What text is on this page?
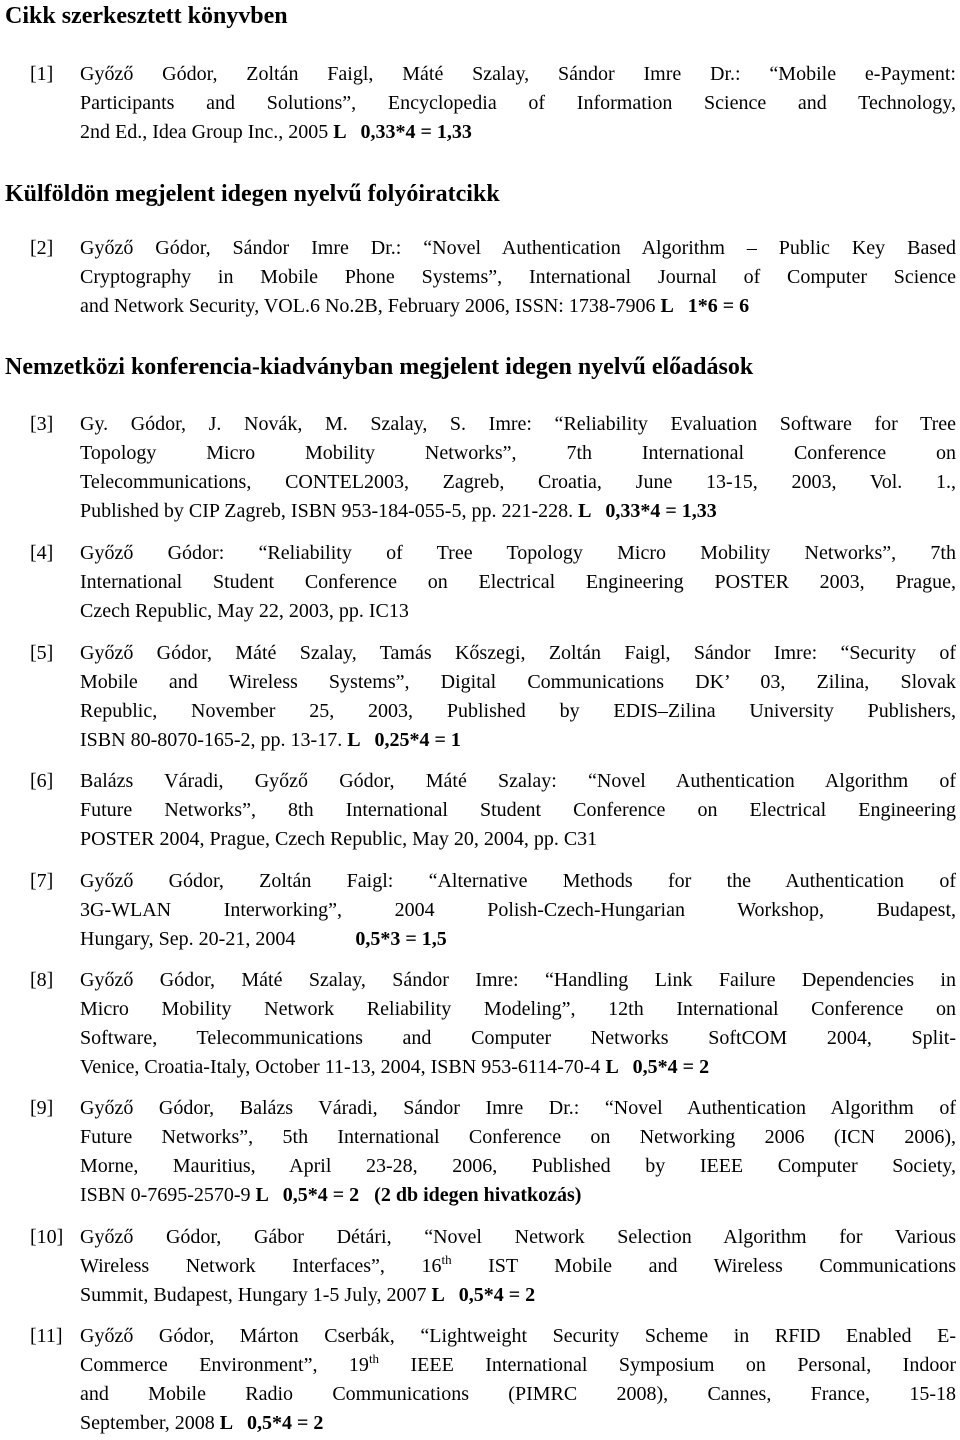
Cikk szerkesztett könyvben
[1] Győző Gódor, Zoltán Faigl, Máté Szalay, Sándor Imre Dr.: “Mobile e-Payment:
Participants and Solutions”, Encyclopedia of Information Science and Technology,
2nd Ed., Idea Group Inc., 2005 L   0,33*4 = 1,33
Külföldön megjelent idegen nyelvű folyóiratcikk
[2] Győző Gódor, Sándor Imre Dr.: “Novel Authentication Algorithm – Public Key Based
Cryptography in Mobile Phone Systems”, International Journal of Computer Science
and Network Security, VOL.6 No.2B, February 2006, ISSN: 1738-7906 L   1*6 = 6
Nemzetközi konferencia-kiadványban megjelent idegen nyelvű előadások
[3] Gy. Gódor, J. Novák, M. Szalay, S. Imre: “Reliability Evaluation Software for Tree
Topology Micro Mobility Networks”, 7th International Conference on
Telecommunications, CONTEL2003, Zagreb, Croatia, June 13-15, 2003, Vol. 1.,
Published by CIP Zagreb, ISBN 953-184-055-5, pp. 221-228. L   0,33*4 = 1,33
[4] Győző Gódor: “Reliability of Tree Topology Micro Mobility Networks”, 7th
International Student Conference on Electrical Engineering POSTER 2003, Prague,
Czech Republic, May 22, 2003, pp. IC13
[5] Győző Gódor, Máté Szalay, Tamás Kőszegi, Zoltán Faigl, Sándor Imre: “Security of
Mobile and Wireless Systems”, Digital Communications DK’ 03, Zilina, Slovak
Republic, November 25, 2003, Published by EDIS–Zilina University Publishers,
ISBN 80-8070-165-2, pp. 13-17. L   0,25*4 = 1
[6] Balázs Váradi, Győző Gódor, Máté Szalay: “Novel Authentication Algorithm of
Future Networks”, 8th International Student Conference on Electrical Engineering
POSTER 2004, Prague, Czech Republic, May 20, 2004, pp. C31
[7] Győző Gódor, Zoltán Faigl: “Alternative Methods for the Authentication of
3G-WLAN Interworking”, 2004 Polish-Czech-Hungarian Workshop, Budapest,
Hungary, Sep. 20-21, 2004            0,5*3 = 1,5
[8] Győző Gódor, Máté Szalay, Sándor Imre: “Handling Link Failure Dependencies in
Micro Mobility Network Reliability Modeling”, 12th International Conference on
Software, Telecommunications and Computer Networks SoftCOM 2004, Split-
Venice, Croatia-Italy, October 11-13, 2004, ISBN 953-6114-70-4 L   0,5*4 = 2
[9] Győző Gódor, Balázs Váradi, Sándor Imre Dr.: “Novel Authentication Algorithm of
Future Networks”, 5th International Conference on Networking 2006 (ICN 2006),
Morne, Mauritius, April 23-28, 2006, Published by IEEE Computer Society,
ISBN 0-7695-2570-9 L   0,5*4 = 2   (2 db idegen hivatkozás)
[10] Győző Gódor, Gábor Détári, “Novel Network Selection Algorithm for Various
Wireless Network Interfaces”, 16th IST Mobile and Wireless Communications
Summit, Budapest, Hungary 1-5 July, 2007 L   0,5*4 = 2
[11] Győző Gódor, Márton Cserbák, “Lightweight Security Scheme in RFID Enabled E-
Commerce Environment”, 19th IEEE International Symposium on Personal, Indoor
and Mobile Radio Communications (PIMRC 2008), Cannes, France, 15-18
September, 2008 L   0,5*4 = 2
